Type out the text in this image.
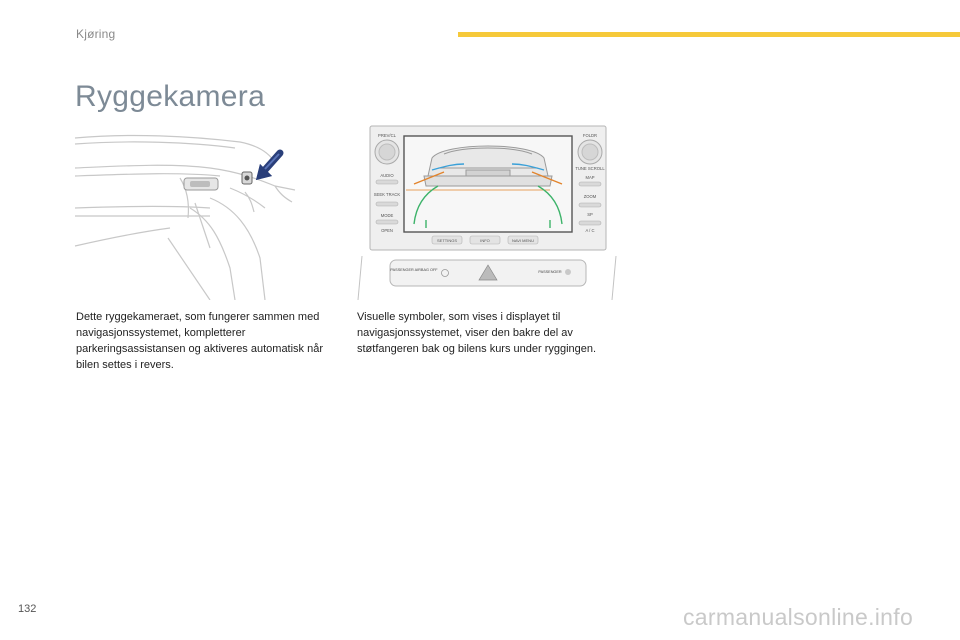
Kjøring
Ryggekamera
PREV/CL
AUDIO
SEEK TRACK
MODE
OPEN
FOLDR
TUNE SCROLL
MAP
ZOOM
SP
A / C
SETTINGS	INFO	NAVI MENU
PASSENGER AIRBAG OFF	PASSENGER
Dette ryggekameraet, som fungerer sammen med navigasjonssystemet, kompletterer parkeringsassistansen og aktiveres automatisk når bilen settes i revers.
Visuelle symboler, som vises i displayet til navigasjonssystemet, viser den bakre del av støtfangeren bak og bilens kurs under ryggingen.
132	carmanualsonline.info
